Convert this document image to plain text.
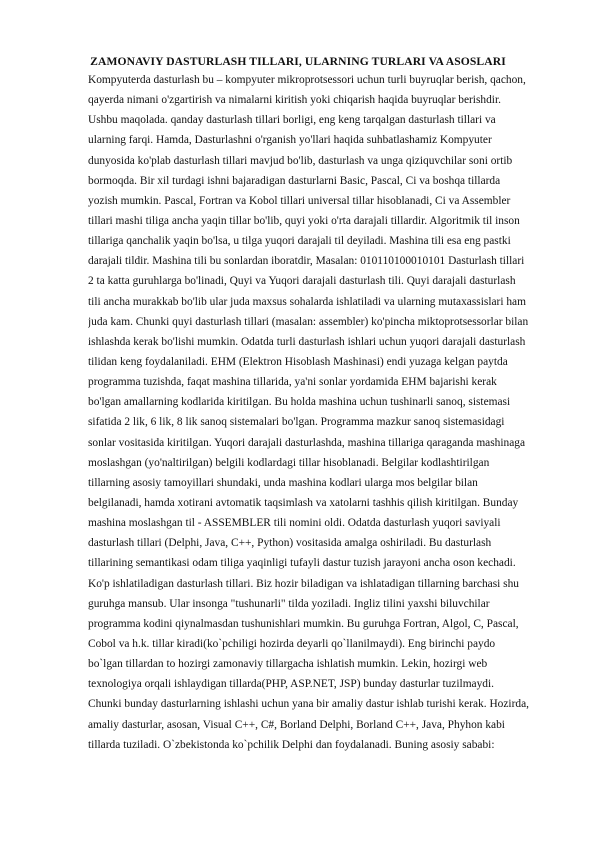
ZAMONAVIY DASTURLASH TILLARI, ULARNING TURLARI VA ASOSLARI
Kompyuterda dasturlash bu – kompyuter mikroprotsessori uchun turli buyruqlar berish, qachon,
qayerda nimani o'zgartirish va nimalarni kiritish yoki chiqarish haqida buyruqlar berishdir.
Ushbu maqolada. qanday dasturlash tillari borligi, eng keng tarqalgan dasturlash tillari va
ularning farqi. Hamda, Dasturlashni o'rganish yo'llari haqida suhbatlashamiz Kompyuter
dunyosida ko'plab dasturlash tillari mavjud bo'lib, dasturlash va unga qiziquvchilar soni ortib
bormoqda. Bir xil turdagi ishni bajaradigan dasturlarni Basic, Pascal, Ci va boshqa tillarda
yozish mumkin. Pascal, Fortran va Kobol tillari universal tillar hisoblanadi, Ci va Assembler
tillari mashi tiliga ancha yaqin tillar bo'lib, quyi yoki o'rta darajali tillardir. Algoritmik til inson
tillariga qanchalik yaqin bo'lsa, u tilga yuqori darajali til deyiladi. Mashina tili esa eng pastki
darajali tildir. Mashina tili bu sonlardan iboratdir, Masalan: 010110100010101 Dasturlash tillari
2 ta katta guruhlarga bo'linadi, Quyi va Yuqori darajali dasturlash tili. Quyi darajali dasturlash
tili ancha murakkab bo'lib ular juda maxsus sohalarda ishlatiladi va ularning mutaxassislari ham
juda kam. Chunki quyi dasturlash tillari (masalan: assembler) ko'pincha miktoprotsessorlar bilan
ishlashda kerak bo'lishi mumkin. Odatda turli dasturlash ishlari uchun yuqori darajali dasturlash
tilidan keng foydalaniladi. EHM (Elektron Hisoblash Mashinasi) endi yuzaga kelgan paytda
programma tuzishda, faqat mashina tillarida, ya'ni sonlar yordamida EHM bajarishi kerak
bo'lgan amallarning kodlarida kiritilgan. Bu holda mashina uchun tushinarli sanoq, sistemasi
sifatida 2 lik, 6 lik, 8 lik sanoq sistemalari bo'lgan. Programma mazkur sanoq sistemasidagi
sonlar vositasida kiritilgan. Yuqori darajali dasturlashda, mashina tillariga qaraganda mashinaga
moslashgan (yo'naltirilgan) belgili kodlardagi tillar hisoblanadi. Belgilar kodlashtirilgan
tillarning asosiy tamoyillari shundaki, unda mashina kodlari ularga mos belgilar bilan
belgilanadi, hamda xotirani avtomatik taqsimlash va xatolarni tashhis qilish kiritilgan. Bunday
mashina moslashgan til - ASSEMBLER tili nomini oldi. Odatda dasturlash yuqori saviyali
dasturlash tillari (Delphi, Java, C++, Python) vositasida amalga oshiriladi. Bu dasturlash
tillarining semantikasi odam tiliga yaqinligi tufayli dastur tuzish jarayoni ancha oson kechadi.
Ko'p ishlatiladigan dasturlash tillari. Biz hozir biladigan va ishlatadigan tillarning barchasi shu
guruhga mansub. Ular insonga "tushunarli" tilda yoziladi. Ingliz tilini yaxshi biluvchilar
programma kodini qiynalmasdan tushunishlari mumkin. Bu guruhga Fortran, Algol, C, Pascal,
Cobol va h.k. tillar kiradi(ko`pchiligi hozirda deyarli qo`llanilmaydi). Eng birinchi paydo
bo`lgan tillardan to hozirgi zamonaviy tillargacha ishlatish mumkin. Lekin, hozirgi web
texnologiya orqali ishlaydigan tillarda(PHP, ASP.NET, JSP) bunday dasturlar tuzilmaydi.
Chunki bunday dasturlarning ishlashi uchun yana bir amaliy dastur ishlab turishi kerak. Hozirda,
amaliy dasturlar, asosan, Visual C++, C#, Borland Delphi, Borland C++, Java, Phyhon kabi
tillarda tuziladi. O`zbekistonda ko`pchilik Delphi dan foydalanadi. Buning asosiy sababi:
